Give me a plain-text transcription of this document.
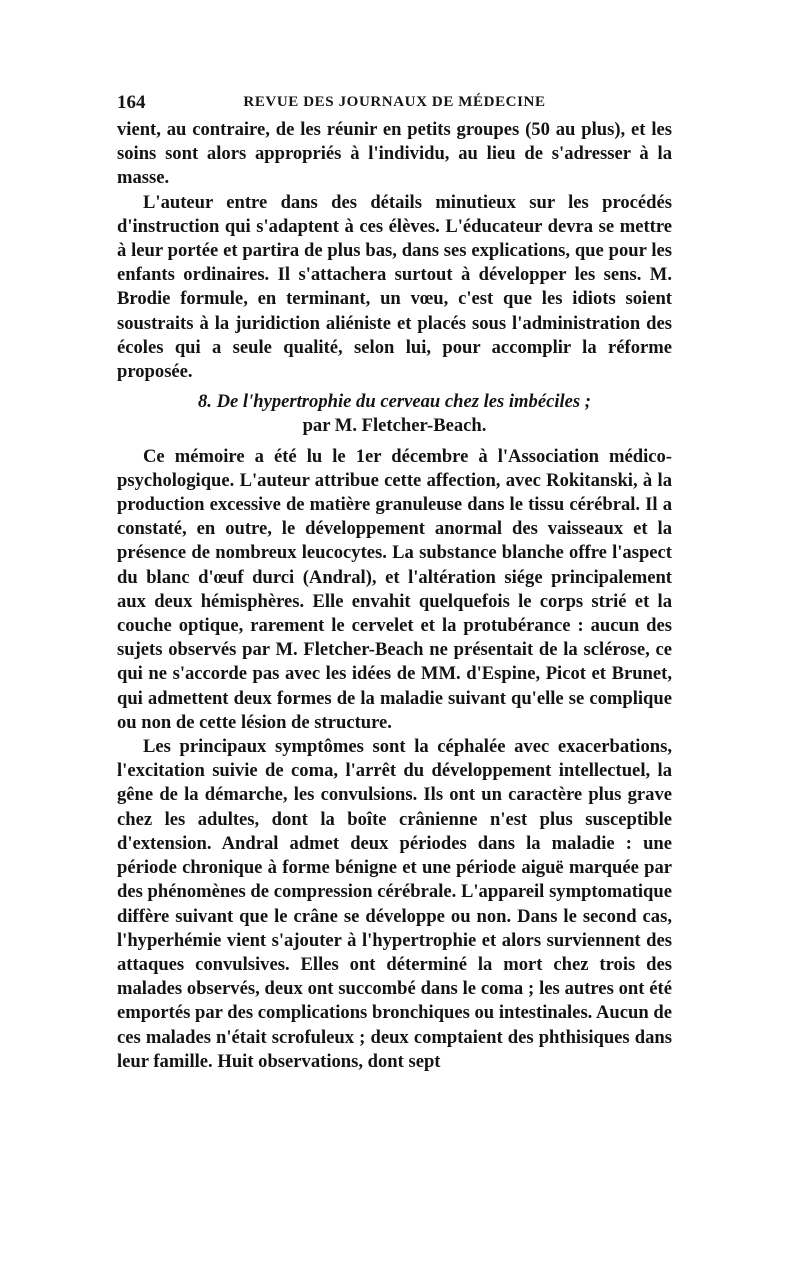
164	REVUE DES JOURNAUX DE MÉDECINE

vient, au contraire, de les réunir en petits groupes (50 au plus), et les soins sont alors appropriés à l'individu, au lieu de s'adresser à la masse.

L'auteur entre dans des détails minutieux sur les procédés d'instruction qui s'adaptent à ces élèves. L'éducateur devra se mettre à leur portée et partira de plus bas, dans ses explications, que pour les enfants ordinaires. Il s'attachera surtout à développer les sens. M. Brodie formule, en terminant, un vœu, c'est que les idiots soient soustraits à la juridiction aliéniste et placés sous l'administration des écoles qui a seule qualité, selon lui, pour accomplir la réforme proposée.

8. De l'hypertrophie du cerveau chez les imbéciles ;
par M. Fletcher-Beach.

Ce mémoire a été lu le 1er décembre à l'Association médico-psychologique. L'auteur attribue cette affection, avec Rokitanski, à la production excessive de matière granuleuse dans le tissu cérébral. Il a constaté, en outre, le développement anormal des vaisseaux et la présence de nombreux leucocytes. La substance blanche offre l'aspect du blanc d'œuf durci (Andral), et l'altération siége principalement aux deux hémisphères. Elle envahit quelquefois le corps strié et la couche optique, rarement le cervelet et la protubérance : aucun des sujets observés par M. Fletcher-Beach ne présentait de la sclérose, ce qui ne s'accorde pas avec les idées de MM. d'Espine, Picot et Brunet, qui admettent deux formes de la maladie suivant qu'elle se complique ou non de cette lésion de structure.

Les principaux symptômes sont la céphalée avec exacerbations, l'excitation suivie de coma, l'arrêt du développement intellectuel, la gêne de la démarche, les convulsions. Ils ont un caractère plus grave chez les adultes, dont la boîte crânienne n'est plus susceptible d'extension. Andral admet deux périodes dans la maladie : une période chronique à forme bénigne et une période aiguë marquée par des phénomènes de compression cérébrale. L'appareil symptomatique diffère suivant que le crâne se développe ou non. Dans le second cas, l'hyperhémie vient s'ajouter à l'hypertrophie et alors surviennent des attaques convulsives. Elles ont déterminé la mort chez trois des malades observés, deux ont succombé dans le coma ; les autres ont été emportés par des complications bronchiques ou intestinales. Aucun de ces malades n'était scrofuleux ; deux comptaient des phthisiques dans leur famille. Huit observations, dont sept
